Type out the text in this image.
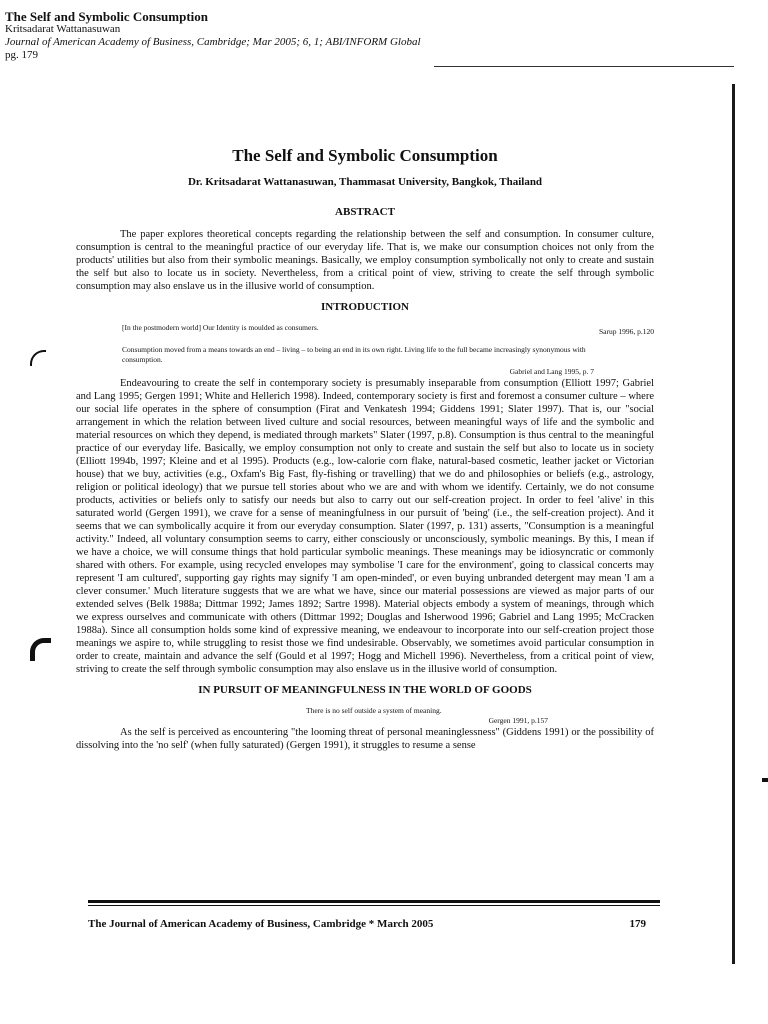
The Self and Symbolic Consumption
Kritsadarat Wattanasuwan
Journal of American Academy of Business, Cambridge; Mar 2005; 6, 1; ABI/INFORM Global
pg. 179
The Self and Symbolic Consumption
Dr. Kritsadarat Wattanasuwan, Thammasat University, Bangkok, Thailand
ABSTRACT

The paper explores theoretical concepts regarding the relationship between the self and consumption. In consumer culture, consumption is central to the meaningful practice of our everyday life. That is, we make our consumption choices not only from the products' utilities but also from their symbolic meanings. Basically, we employ consumption symbolically not only to create and sustain the self but also to locate us in society. Nevertheless, from a critical point of view, striving to create the self through symbolic consumption may also enslave us in the illusive world of consumption.

INTRODUCTION
[In the postmodern world] Our Identity is moulded as consumers.	Sarup 1996, p.120
Consumption moved from a means towards an end – living – to being an end in its own right. Living life to the full became increasingly synonymous with consumption.
Gabriel and Lang 1995, p. 7

Endeavouring to create the self in contemporary society is presumably inseparable from consumption (Elliott 1997; Gabriel and Lang 1995; Gergen 1991; White and Hellerich 1998). Indeed, contemporary society is first and foremost a consumer culture – where our social life operates in the sphere of consumption (Firat and Venkatesh 1994; Giddens 1991; Slater 1997). That is, our "social arrangement in which the relation between lived culture and social resources, between meaningful ways of life and the symbolic and material resources on which they depend, is mediated through markets" Slater (1997, p.8). Consumption is thus central to the meaningful practice of our everyday life. Basically, we employ consumption not only to create and sustain the self but also to locate us in society (Elliott 1994b, 1997; Kleine and et al 1995). Products (e.g., low-calorie corn flake, natural-based cosmetic, leather jacket or Victorian house) that we buy, activities (e.g., Oxfam's Big Fast, fly-fishing or travelling) that we do and philosophies or beliefs (e.g., astrology, religion or political ideology) that we pursue tell stories about who we are and with whom we identify. Certainly, we do not consume products, activities or beliefs only to satisfy our needs but also to carry out our self-creation project. In order to feel 'alive' in this saturated world (Gergen 1991), we crave for a sense of meaningfulness in our pursuit of 'being' (i.e., the self-creation project). And it seems that we can symbolically acquire it from our everyday consumption. Slater (1997, p. 131) asserts, "Consumption is a meaningful activity." Indeed, all voluntary consumption seems to carry, either consciously or unconsciously, symbolic meanings. By this, I mean if we have a choice, we will consume things that hold particular symbolic meanings. These meanings may be idiosyncratic or commonly shared with others. For example, using recycled envelopes may symbolise 'I care for the environment', going to classical concerts may represent 'I am cultured', supporting gay rights may signify 'I am open-minded', or even buying unbranded detergent may mean 'I am a clever consumer.' Much literature suggests that we are what we have, since our material possessions are viewed as major parts of our extended selves (Belk 1988a; Dittmar 1992; James 1892; Sartre 1998). Material objects embody a system of meanings, through which we express ourselves and communicate with others (Dittmar 1992; Douglas and Isherwood 1996; Gabriel and Lang 1995; McCracken 1988a). Since all consumption holds some kind of expressive meaning, we endeavour to incorporate into our self-creation project those meanings we aspire to, while struggling to resist those we find undesirable. Observably, we sometimes avoid particular consumption in order to create, maintain and advance the self (Gould et al 1997; Hogg and Michell 1996). Nevertheless, from a critical point of view, striving to create the self through symbolic consumption may also enslave us in the illusive world of consumption.

IN PURSUIT OF MEANINGFULNESS IN THE WORLD OF GOODS
There is no self outside a system of meaning.
Gergen 1991, p.157

As the self is perceived as encountering "the looming threat of personal meaninglessness" (Giddens 1991) or the possibility of dissolving into the 'no self' (when fully saturated) (Gergen 1991), it struggles to resume a sense

The Journal of American Academy of Business, Cambridge * March 2005	179
